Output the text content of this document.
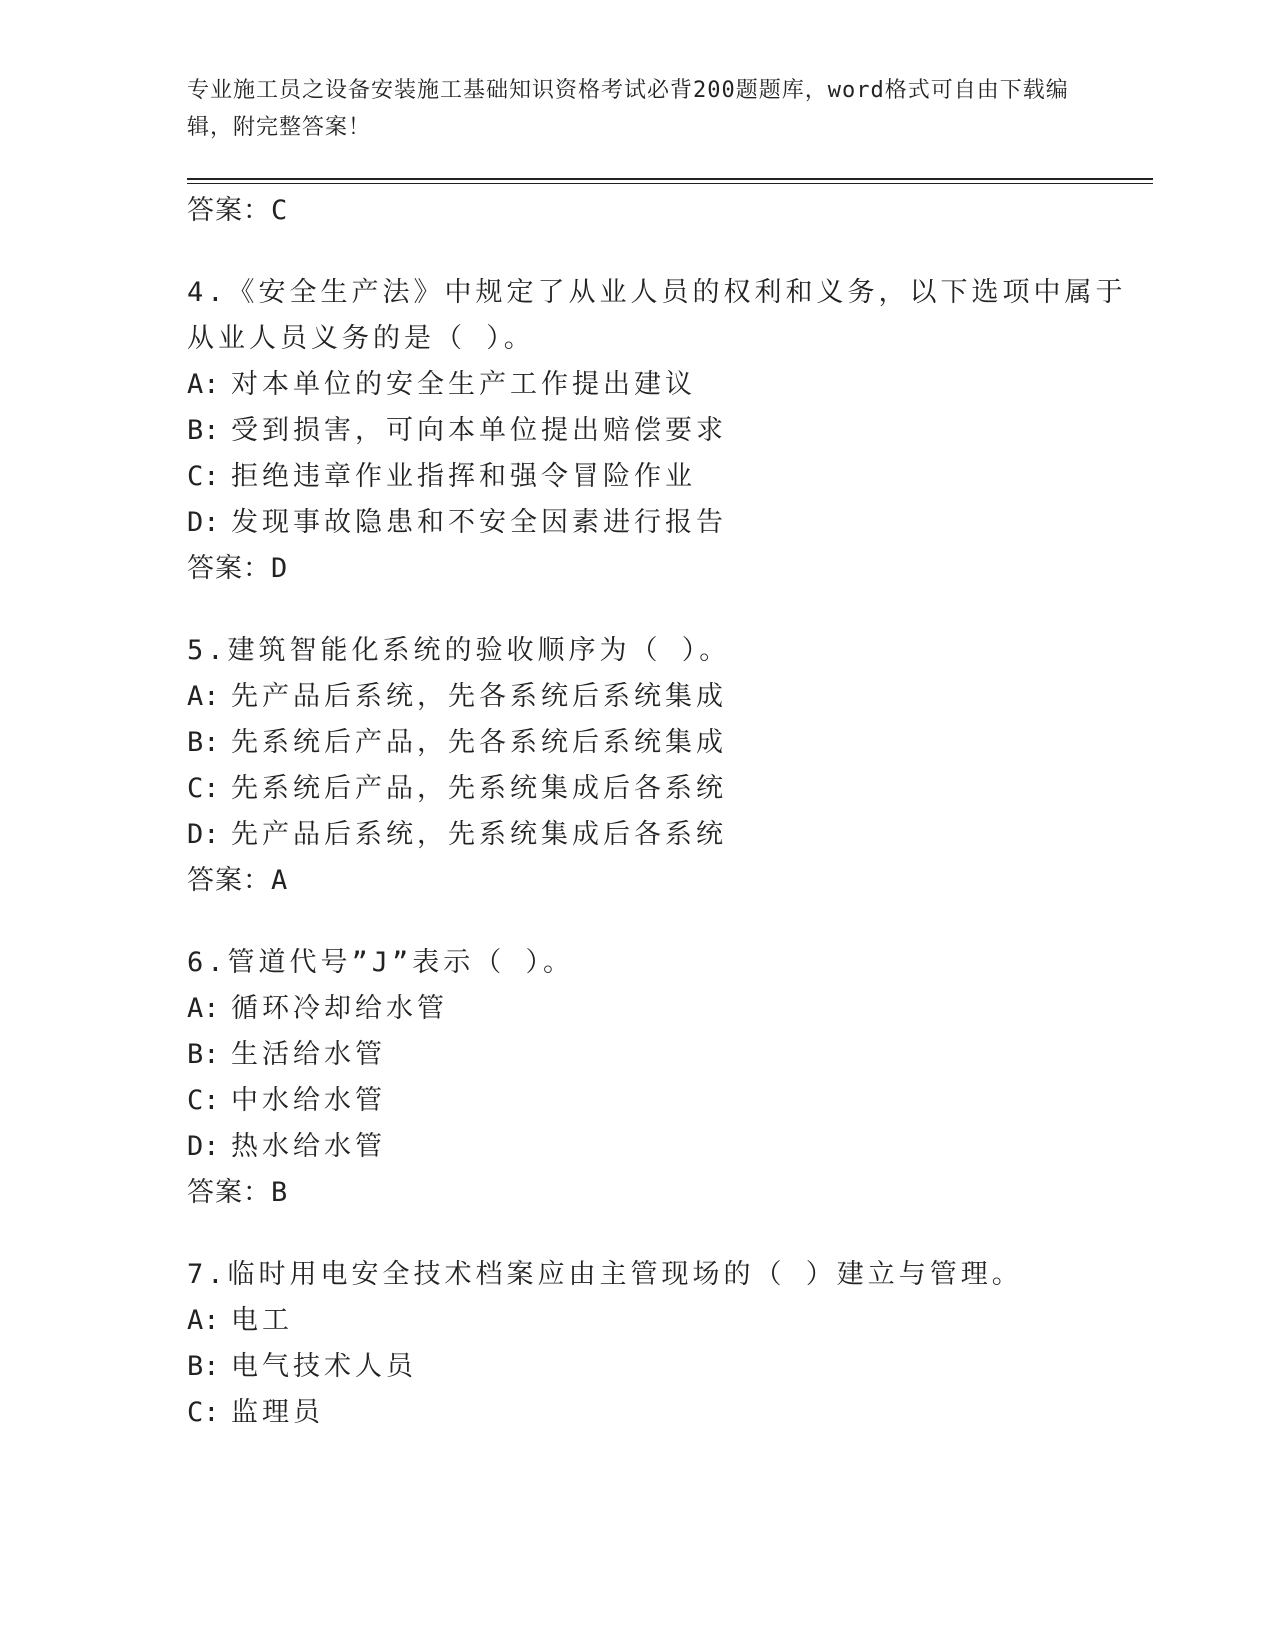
专业施工员之设备安装施工基础知识资格考试必背200题题库，word格式可自由下载编辑，附完整答案！
答案：C
4.《安全生产法》中规定了从业人员的权利和义务，以下选项中属于从业人员义务的是（ ）。
A: 对本单位的安全生产工作提出建议
B: 受到损害，可向本单位提出赔偿要求
C: 拒绝违章作业指挥和强令冒险作业
D: 发现事故隐患和不安全因素进行报告
答案：D
5.建筑智能化系统的验收顺序为（ ）。
A: 先产品后系统，先各系统后系统集成
B: 先系统后产品，先各系统后系统集成
C: 先系统后产品，先系统集成后各系统
D: 先产品后系统，先系统集成后各系统
答案：A
6.管道代号”J”表示（ ）。
A: 循环冷却给水管
B: 生活给水管
C: 中水给水管
D: 热水给水管
答案：B
7.临时用电安全技术档案应由主管现场的（ ）建立与管理。
A: 电工
B: 电气技术人员
C: 监理员
